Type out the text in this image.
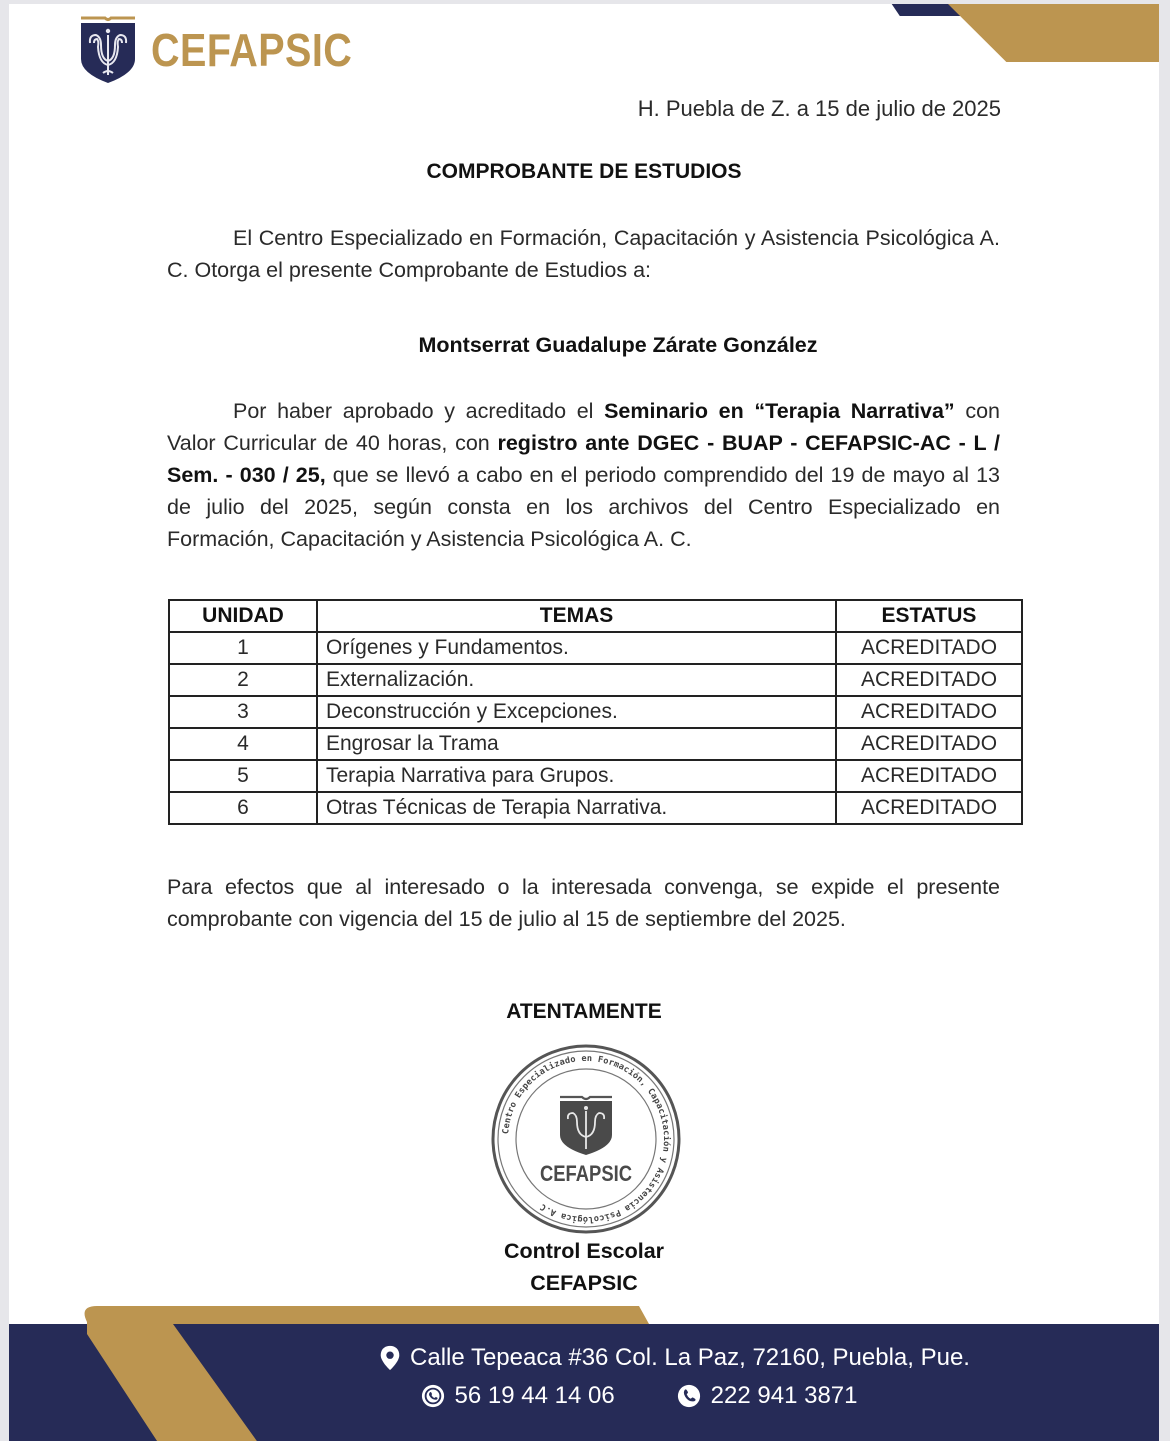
CEFAPSIC
H. Puebla de Z. a 15 de julio de 2025
COMPROBANTE DE ESTUDIOS
El Centro Especializado en Formación, Capacitación y Asistencia Psicológica A. C. Otorga el presente Comprobante de Estudios a:
Montserrat Guadalupe Zárate González
Por haber aprobado y acreditado el Seminario en “Terapia Narrativa” con Valor Curricular de 40 horas, con registro ante DGEC - BUAP - CEFAPSIC-AC - L / Sem. - 030 / 25, que se llevó a cabo en el periodo comprendido del 19 de mayo al 13 de julio del 2025, según consta en los archivos del Centro Especializado en Formación, Capacitación y Asistencia Psicológica A. C.
UNIDAD	TEMAS	ESTATUS
1	Orígenes y Fundamentos.	ACREDITADO
2	Externalización.	ACREDITADO
3	Deconstrucción y Excepciones.	ACREDITADO
4	Engrosar la Trama	ACREDITADO
5	Terapia Narrativa para Grupos.	ACREDITADO
6	Otras Técnicas de Terapia Narrativa.	ACREDITADO
Para efectos que al interesado o la interesada convenga, se expide el presente comprobante con vigencia del 15 de julio al 15 de septiembre del 2025.
ATENTAMENTE
Centro Especializado en Formación, Capacitación y Asistencia Psicológica A.C
CEFAPSIC
Control Escolar
CEFAPSIC
Calle Tepeaca #36 Col. La Paz, 72160, Puebla, Pue.
56 19 44 14 06	222 941 3871
